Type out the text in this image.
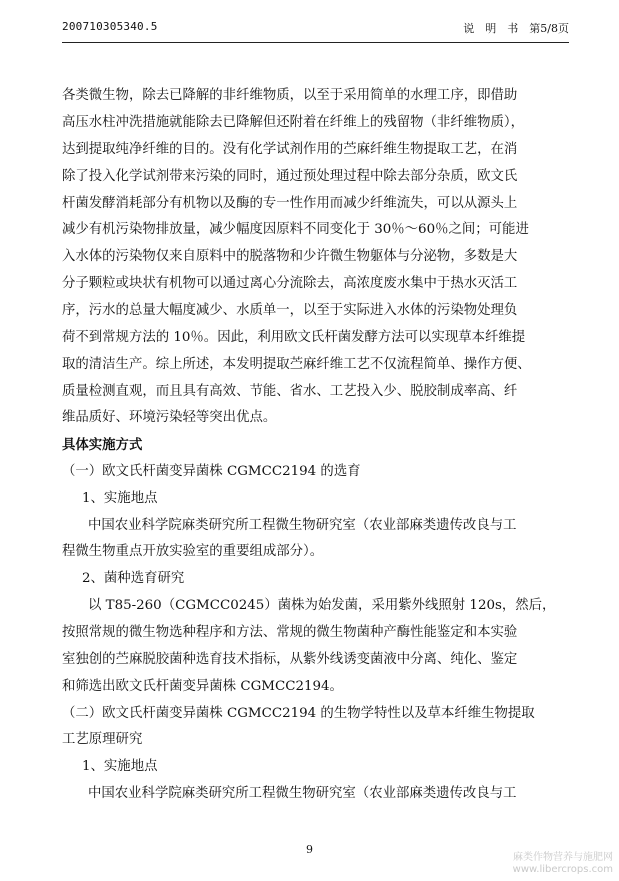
200710305340.5	说　明　书　第5/8页
各类微生物，除去已降解的非纤维物质，以至于采用简单的水理工序，即借助
高压水柱冲洗措施就能除去已降解但还附着在纤维上的残留物（非纤维物质），
达到提取纯净纤维的目的。没有化学试剂作用的苎麻纤维生物提取工艺，在消
除了投入化学试剂带来污染的同时，通过预处理过程中除去部分杂质，欧文氏
杆菌发酵消耗部分有机物以及酶的专一性作用而减少纤维流失，可以从源头上
减少有机污染物排放量，减少幅度因原料不同变化于 30％～60％之间；可能进
入水体的污染物仅来自原料中的脱落物和少许微生物躯体与分泌物，多数是大
分子颗粒或块状有机物可以通过离心分流除去，高浓度废水集中于热水灭活工
序，污水的总量大幅度减少、水质单一，以至于实际进入水体的污染物处理负
荷不到常规方法的 10％。因此，利用欧文氏杆菌发酵方法可以实现草本纤维提
取的清洁生产。综上所述，本发明提取苎麻纤维工艺不仅流程简单、操作方便、
质量检测直观，而且具有高效、节能、省水、工艺投入少、脱胶制成率高、纤
维品质好、环境污染轻等突出优点。
具体实施方式
（一）欧文氏杆菌变异菌株 CGMCC2194 的选育
1、实施地点
中国农业科学院麻类研究所工程微生物研究室（农业部麻类遗传改良与工
程微生物重点开放实验室的重要组成部分）。
2、菌种选育研究
以 T85-260（CGMCC0245）菌株为始发菌，采用紫外线照射 120s，然后，
按照常规的微生物选种程序和方法、常规的微生物菌种产酶性能鉴定和本实验
室独创的苎麻脱胶菌种选育技术指标，从紫外线诱变菌液中分离、纯化、鉴定
和筛选出欧文氏杆菌变异菌株 CGMCC2194。
（二）欧文氏杆菌变异菌株 CGMCC2194 的生物学特性以及草本纤维生物提取
工艺原理研究
1、实施地点
中国农业科学院麻类研究所工程微生物研究室（农业部麻类遗传改良与工
9
麻类作物营养与施肥网
www.libercrops.com
